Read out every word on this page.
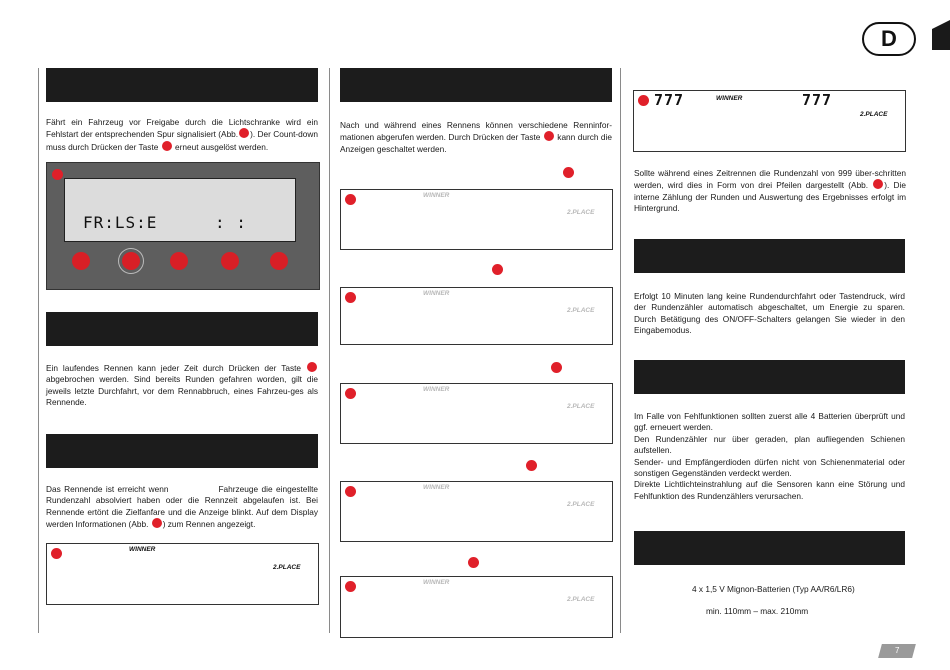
D
Fährt ein Fahrzeug vor Freigabe durch die Lichtschranke wird ein Fehlstart der entsprechenden Spur signalisiert (Abb. ). Der Count-down muss durch Drücken der Taste erneut ausgelöst werden.
FR:LS:E	: :
Ein laufendes Rennen kann jeder Zeit durch Drücken der Taste  abgebrochen werden. Sind bereits Runden gefahren worden, gilt die jeweils letzte Durchfahrt, vor dem Rennabbruch, eines Fahrzeu-ges als Rennende.
Das Rennende ist erreicht wenn	Fahrzeuge die eingestellte Rundenzahl absolviert haben oder die Rennzeit abgelaufen ist. Bei Rennende ertönt die Zielfanfare und die Anzeige blinkt. Auf dem Display werden Informationen (Abb. ) zum Rennen angezeigt.
WINNER
2.PLACE
Nach und während eines Rennens können verschiedene Renninfor-mationen abgerufen werden. Durch Drücken der Taste kann durch die Anzeigen geschaltet werden.
WINNER
2.PLACE
WINNER
2.PLACE
WINNER
2.PLACE
WINNER
2.PLACE
WINNER
2.PLACE
777	WINNER	777
2.PLACE
Sollte während eines Zeitrennen die Rundenzahl von 999 über-schritten werden, wird dies in Form von drei Pfeilen dargestellt (Abb. ). Die interne Zählung der Runden und Auswertung des Ergebnisses erfolgt im Hintergrund.
Erfolgt 10 Minuten lang keine Rundendurchfahrt oder Tastendruck, wird der Rundenzähler automatisch abgeschaltet, um Energie zu sparen. Durch Betätigung des ON/OFF-Schalters gelangen Sie wieder in den Eingabemodus.
Im Falle von Fehlfunktionen sollten zuerst alle 4 Batterien überprüft und ggf. erneuert werden.
Den Rundenzähler nur über geraden, plan aufliegenden Schienen aufstellen.
Sender- und Empfängerdioden dürfen nicht von Schienenmaterial oder sonstigen Gegenständen verdeckt werden.
Direkte Lichtlichteinstrahlung auf die Sensoren kann eine Störung und Fehlfunktion des Rundenzählers verursachen.
4 x 1,5 V Mignon-Batterien (Typ AA/R6/LR6)
min. 110mm – max. 210mm
7
